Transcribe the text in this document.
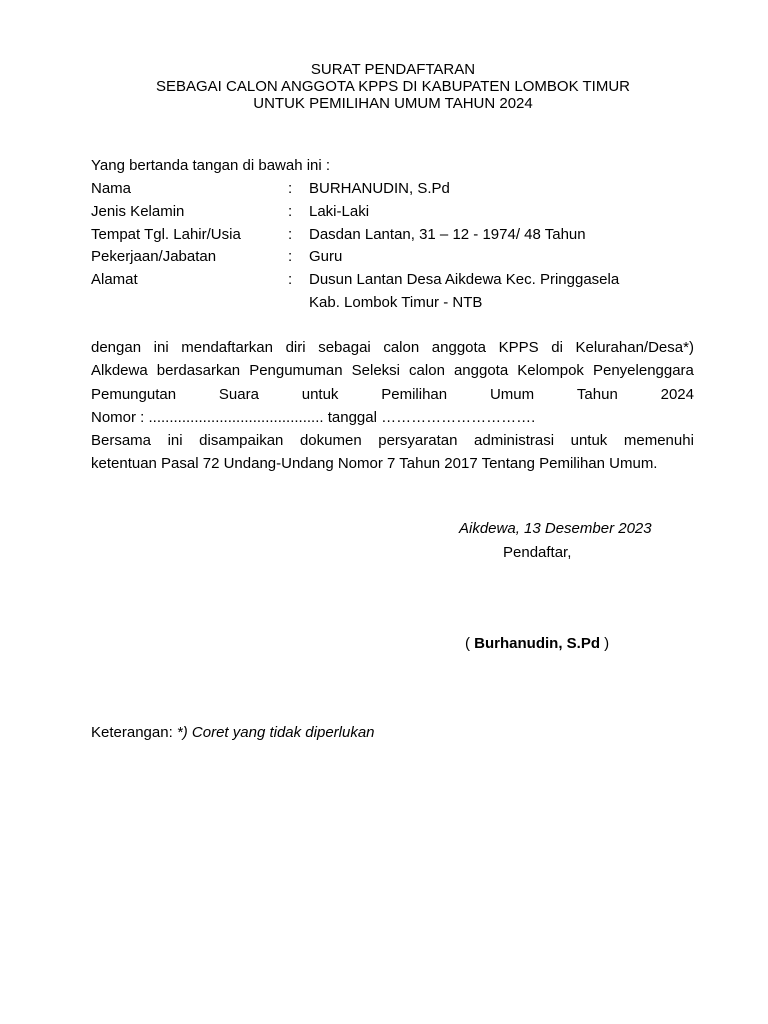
SURAT PENDAFTARAN
SEBAGAI CALON ANGGOTA KPPS DI KABUPATEN LOMBOK TIMUR
UNTUK PEMILIHAN UMUM TAHUN 2024
Yang bertanda tangan di bawah ini :
Nama	: BURHANUDIN, S.Pd
Jenis Kelamin	: Laki-Laki
Tempat Tgl. Lahir/Usia	: Dasdan Lantan, 31 – 12 - 1974/ 48 Tahun
Pekerjaan/Jabatan	: Guru
Alamat	: Dusun Lantan Desa Aikdewa Kec. Pringgasela
Kab. Lombok Timur - NTB
dengan ini mendaftarkan diri sebagai calon anggota KPPS di Kelurahan/Desa*)
Alkdewa berdasarkan Pengumuman Seleksi calon anggota Kelompok Penyelenggara
Pemungutan	Suara	untuk	Pemilihan	Umum	Tahun	2024
Nomor : .......................................... tanggal ………………………….
Bersama ini disampaikan dokumen persyaratan administrasi untuk memenuhi
ketentuan Pasal 72 Undang-Undang Nomor 7 Tahun 2017 Tentang Pemilihan Umum.
Aikdewa, 13 Desember 2023
Pendaftar,
( Burhanudin, S.Pd )
Keterangan: *) Coret yang tidak diperlukan
